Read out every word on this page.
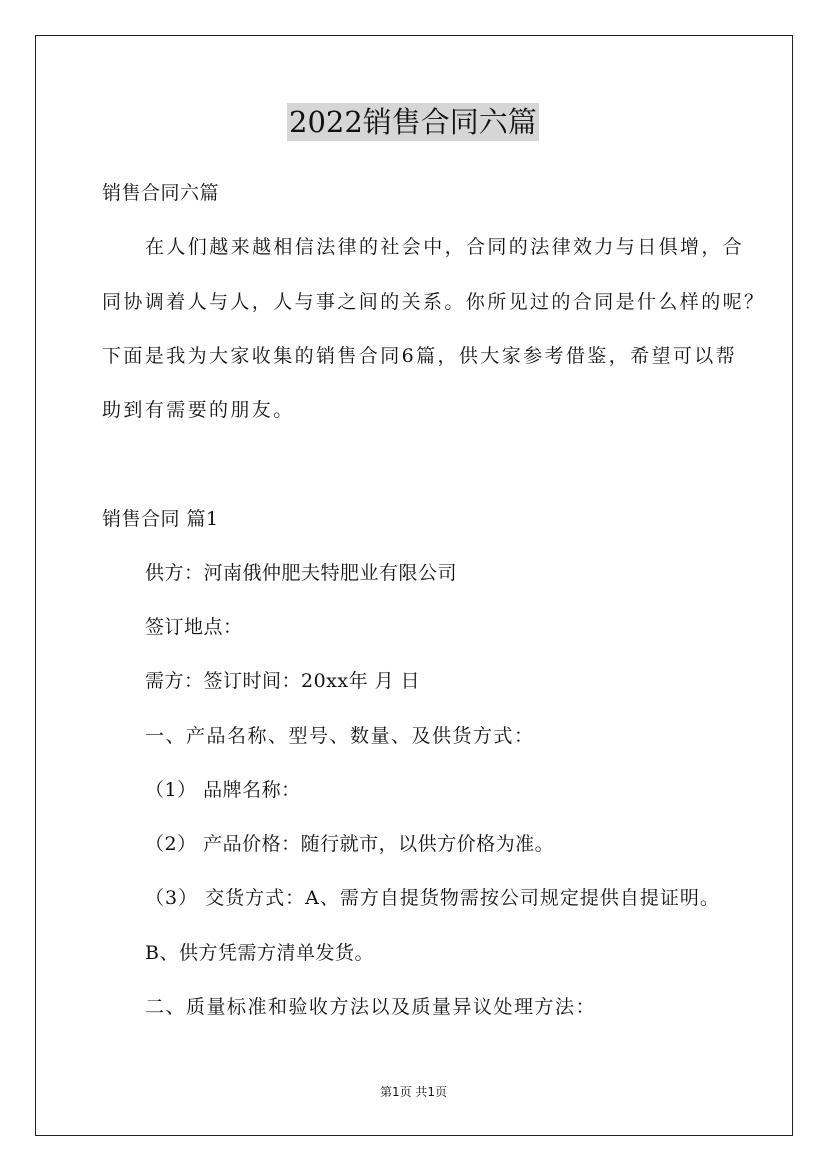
2022销售合同六篇
销售合同六篇
在人们越来越相信法律的社会中，合同的法律效力与日俱增，合
同协调着人与人，人与事之间的关系。你所见过的合同是什么样的呢？
下面是我为大家收集的销售合同6篇，供大家参考借鉴，希望可以帮
助到有需要的朋友。
销售合同 篇1
供方：河南俄仲肥夫特肥业有限公司
签订地点：
需方：签订时间：20xx年 月 日
一、产品名称、型号、数量、及供货方式：
（1） 品牌名称：
（2） 产品价格：随行就市，以供方价格为准。
（3） 交货方式：A、需方自提货物需按公司规定提供自提证明。
B、供方凭需方清单发货。
二、质量标准和验收方法以及质量异议处理方法：
第1页 共1页
